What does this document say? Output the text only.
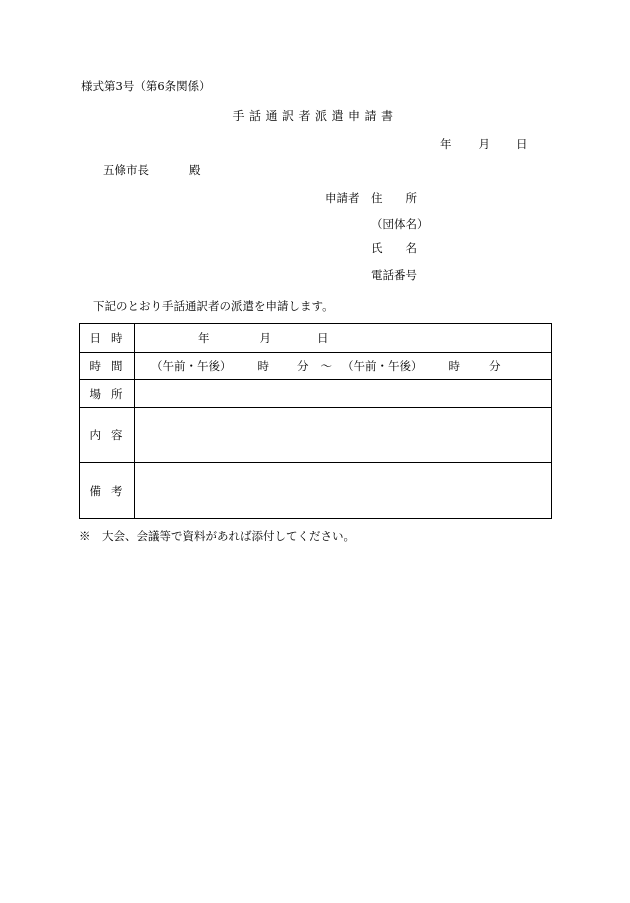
様式第3号（第6条関係）
手話通訳者派遣申請書
年 月 日
五條市長	殿
申請者 住　　所
（団体名）
氏　　名
電話番号
下記のとおり手話通訳者の派遣を申請します。
日時	年 月 日
時間	（午前・午後） 時 分 ～ （午前・午後） 時 分
場所	
内容	
備考	
※　大会、会議等で資料があれば添付してください。
